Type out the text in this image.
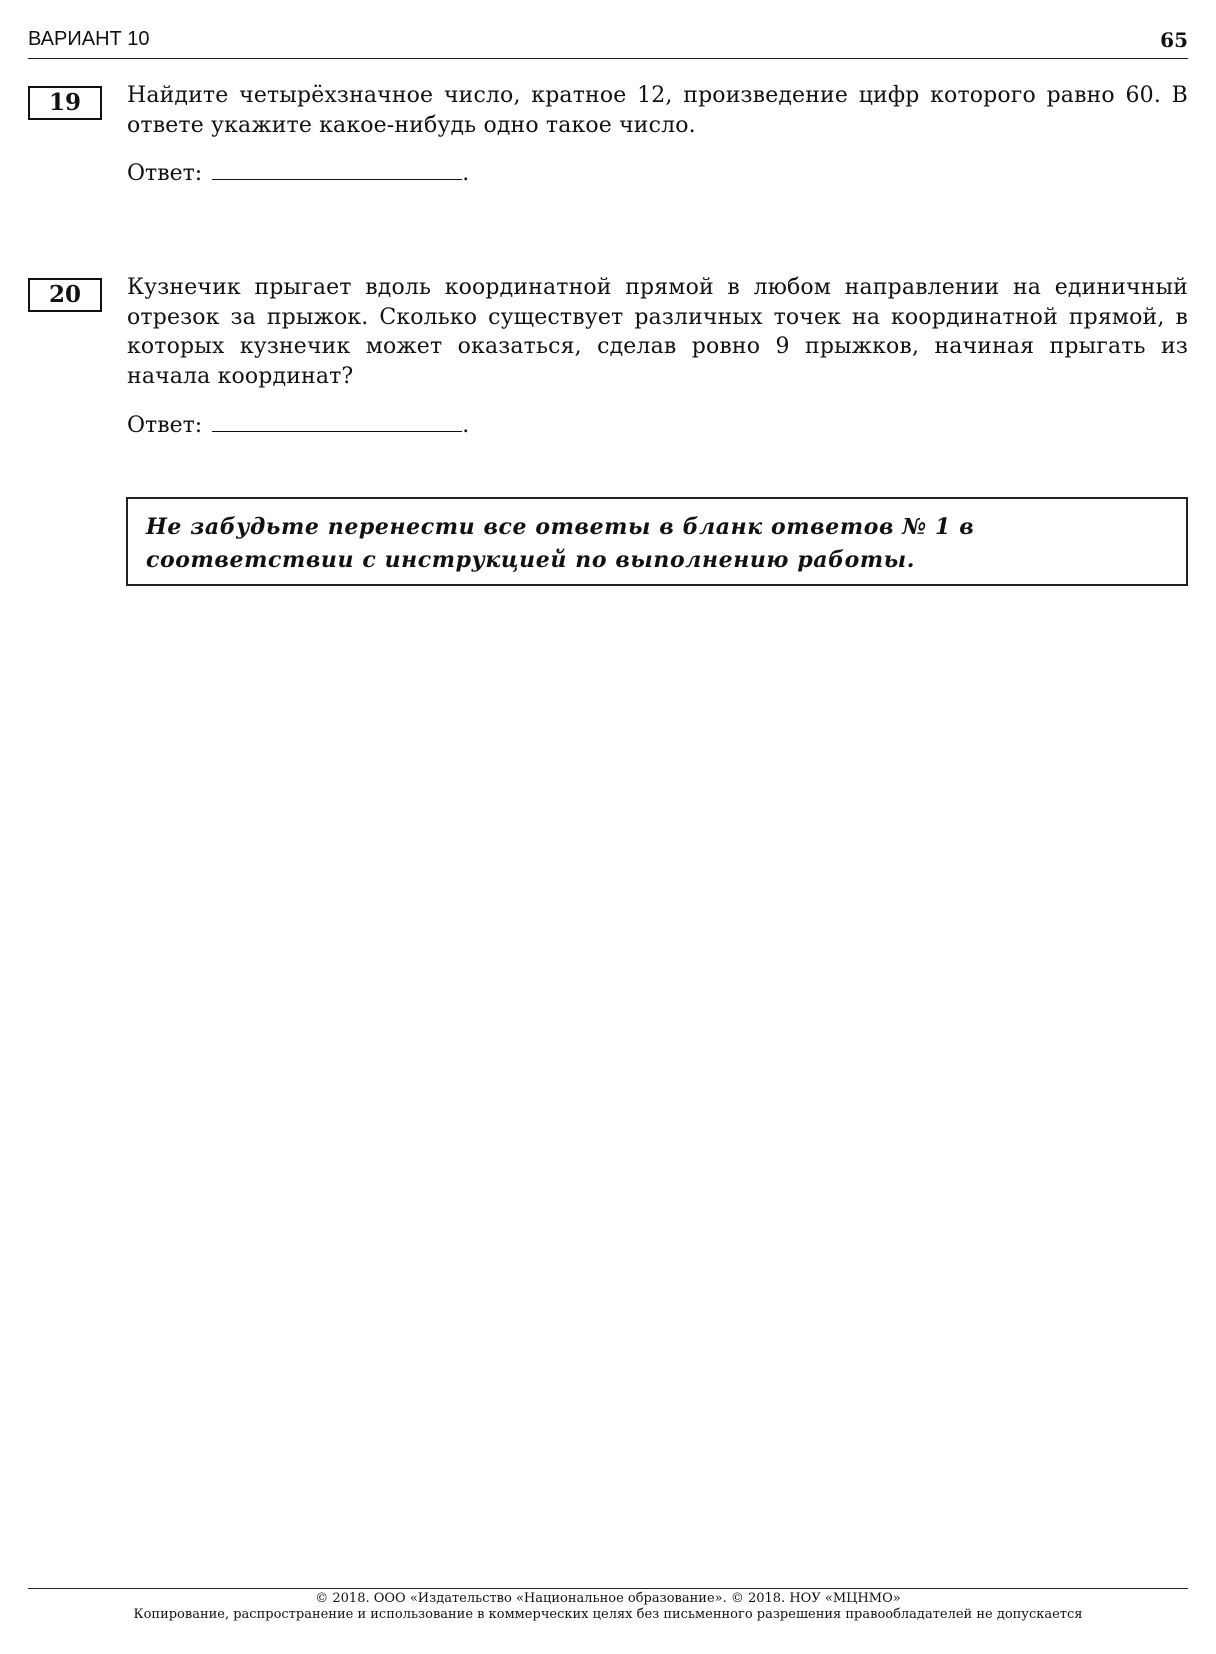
ВАРИАНТ 10	65
19	Найдите четырёхзначное число, кратное 12, произведение цифр которого равно 60. В ответе укажите какое-нибудь одно такое число.
Ответ:	.
20	Кузнечик прыгает вдоль координатной прямой в любом направлении на единичный отрезок за прыжок. Сколько существует различных точек на координатной прямой, в которых кузнечик может оказаться, сделав ровно 9 прыжков, начиная прыгать из начала координат?
Ответ:	.
Не забудьте перенести все ответы в бланк ответов № 1 в соответствии с инструкцией по выполнению работы.
© 2018. ООО «Издательство «Национальное образование». © 2018. НОУ «МЦНМО»
Копирование, распространение и использование в коммерческих целях без письменного разрешения правообладателей не допускается
